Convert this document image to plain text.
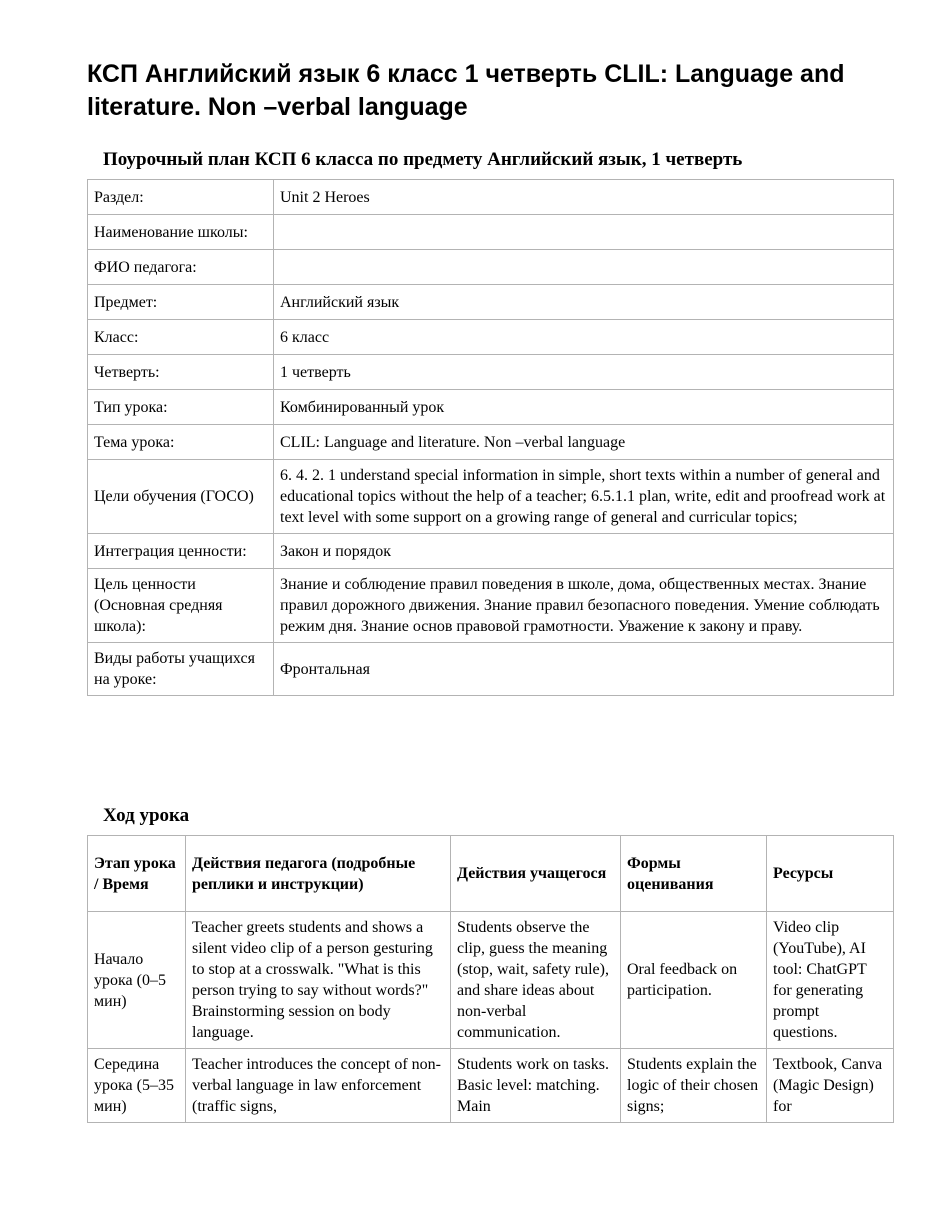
КСП Английский язык 6 класс 1 четверть CLIL: Language and literature. Non –verbal language
Поурочный план КСП 6 класса по предмету Английский язык, 1 четверть
Раздел:	Unit 2 Heroes
Наименование школы:	
ФИО педагога:	
Предмет:	Английский язык
Класс:	6 класс
Четверть:	1 четверть
Тип урока:	Комбинированный урок
Тема урока:	CLIL: Language and literature. Non –verbal language
Цели обучения (ГОСО)	6. 4. 2. 1 understand special information in simple, short texts within a number of general and educational topics without the help of a teacher; 6.5.1.1 plan, write, edit and proofread work at text level with some support on a growing range of general and curricular topics;
Интеграция ценности:	Закон и порядок
Цель ценности (Основная средняя школа):	Знание и соблюдение правил поведения в школе, дома, общественных местах. Знание правил дорожного движения. Знание правил безопасного поведения. Умение соблюдать режим дня. Знание основ правовой грамотности. Уважение к закону и праву.
Виды работы учащихся на уроке:	Фронтальная
Ход урока
Этап урока / Время	Действия педагога (подробные реплики и инструкции)	Действия учащегося	Формы оценивания	Ресурсы
Начало урока (0–5 мин)	Teacher greets students and shows a silent video clip of a person gesturing to stop at a crosswalk. "What is this person trying to say without words?" Brainstorming session on body language.	Students observe the clip, guess the meaning (stop, wait, safety rule), and share ideas about non-verbal communication.	Oral feedback on participation.	Video clip (YouTube), AI tool: ChatGPT for generating prompt questions.
Середина урока (5–35 мин)	Teacher introduces the concept of non-verbal language in law enforcement (traffic signs,	Students work on tasks. Basic level: matching. Main	Students explain the logic of their chosen signs;	Textbook, Canva (Magic Design) for
